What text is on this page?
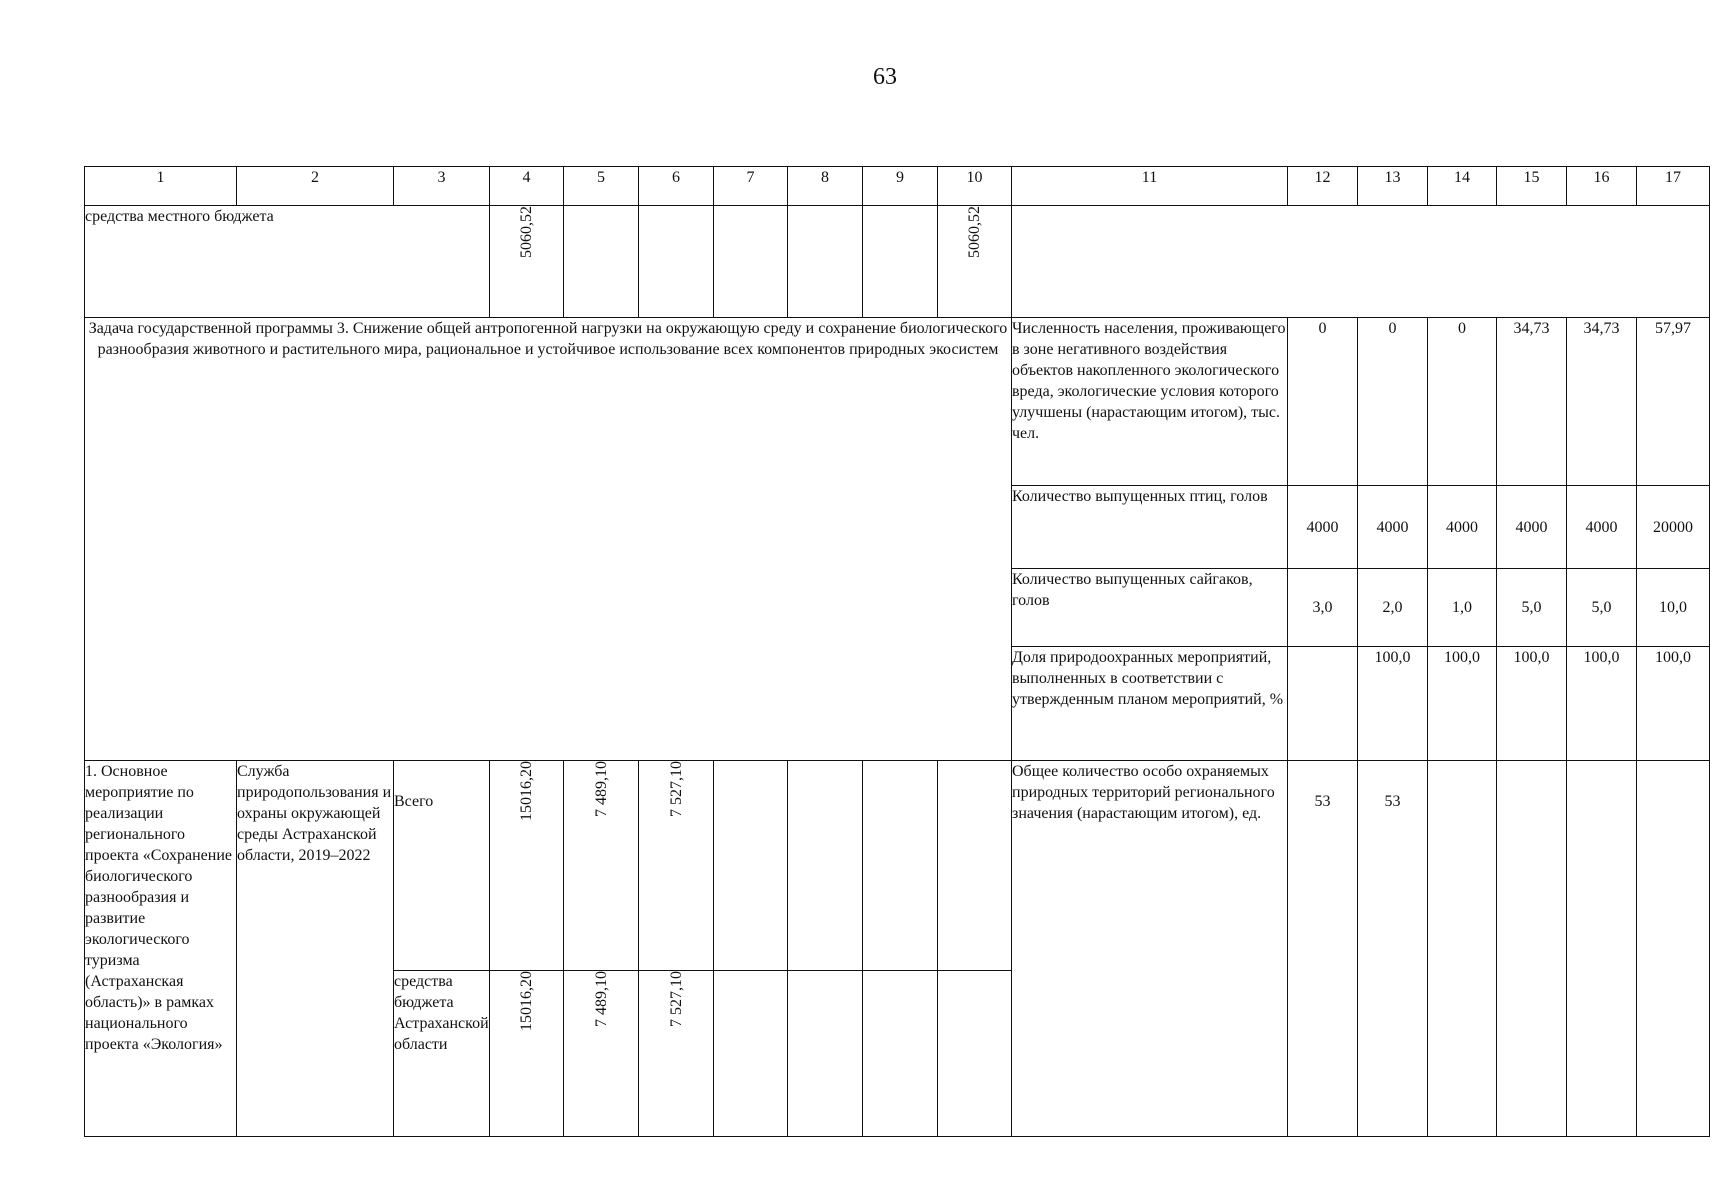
63
1	2	3	4	5	6	7	8	9	10	11	12	13	14	15	16	17
средства местного бюджета			5060,52						5060,52							

Задача государственной программы 3. Снижение общей антропогенной нагрузки на окружающую среду и сохранение биологического разнообразия животного и растительного мира, рациональное и устойчивое использование всех компонентов природных экосистем										Численность населения, проживающего в зоне негативного воздействия объектов накопленного экологического вреда, экологические условия которого улучшены (нарастающим итогом), тыс. чел.	0	0	0	34,73	34,73	57,97
										Количество выпущенных птиц, голов	4000	4000	4000	4000	4000	20000
										Количество выпущенных сайгаков, голов	3,0	2,0	1,0	5,0	5,0	10,0
										Доля природоохранных мероприятий, выполненных в соответствии с утвержденным планом мероприятий, %		100,0	100,0	100,0	100,0	100,0
1. Основное мероприятие по реализации регионального проекта «Сохранение биологического разнообразия и развитие экологического туризма (Астраханская область)» в рамках национального проекта «Экология»	Служба природопользования и охраны окружающей среды Астраханской области, 2019–2022	Всего	15016,20	7 489,10	7 527,10					Общее количество особо охраняемых природных территорий регионального значения (нарастающим итогом), ед.	53	53				
		средства бюджета Астраханской области	15016,20	7 489,10	7 527,10											
